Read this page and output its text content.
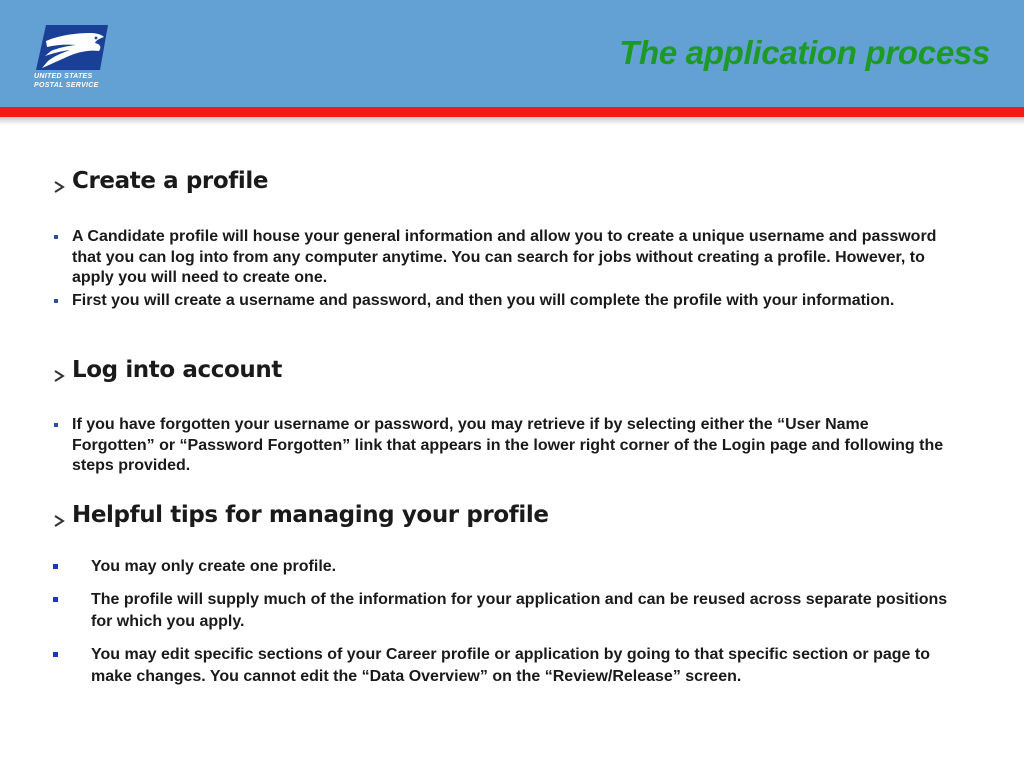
UNITED STATES
POSTAL SERVICE
The application process
Create a profile
A Candidate profile will house your general information and allow you to create a unique username and password that you can log into from any computer anytime. You can search for jobs without creating a profile. However, to apply you will need to create one.
First you will create a username and password, and then you will complete the profile with your information.
Log into account
If you have forgotten your username or password, you may retrieve if by selecting either the “User Name Forgotten” or “Password Forgotten” link that appears in the lower right corner of the Login page and following the steps provided.
Helpful tips for managing your profile
You may only create one profile.
The profile will supply much of the information for your application and can be reused across separate positions for which you apply.
You may edit specific sections of your Career profile or application by going to that specific section or page to make changes. You cannot edit the “Data Overview” on the “Review/Release” screen.
